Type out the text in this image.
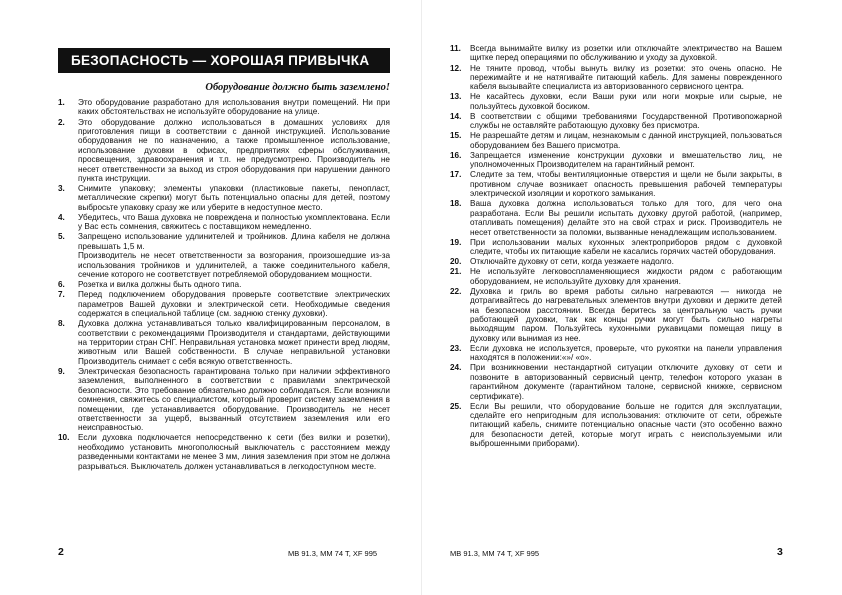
БЕЗОПАСНОСТЬ — ХОРОШАЯ ПРИВЫЧКА
Оборудование должно быть заземлено!
1. Это оборудование разработано для использования внутри помещений. Ни при каких обстоятельствах не используйте оборудование на улице.

2. Это оборудование должно использоваться в домашних условиях для приготовления пищи в соответствии с данной инструкцией. Использование оборудования не по назначению, а также промышленное использование, использование духовки в офисах, предприятиях сферы обслуживания, просвещения, здравоохранения и т.п. не предусмотрено. Производитель не несет ответственности за выход из строя оборудования при нарушении данного пункта инструкции.

3. Снимите упаковку; элементы упаковки (пластиковые пакеты, пенопласт, металлические скрепки) могут быть потенциально опасны для детей, поэтому выбросьте упаковку сразу же или уберите в недоступное место.

4. Убедитесь, что Ваша духовка не повреждена и полностью укомплектована. Если у Вас есть сомнения, свяжитесь с поставщиком немедленно.

5. Запрещено использование удлинителей и тройников. Длина кабеля не должна превышать 1,5 м.

Производитель не несет ответственности за возгорания, произошедшие из-за использования тройников и удлинителей, а также соединительного кабеля, сечение которого не соответствует потребляемой оборудованием мощности.

6. Розетка и вилка должны быть одного типа.

7. Перед подключением оборудования проверьте соответствие электрических параметров Вашей духовки и электрической сети. Необходимые сведения содержатся в специальной таблице (см. заднюю стенку духовки).

8. Духовка должна устанавливаться только квалифицированным персоналом, в соответствии с рекомендациями Производителя и стандартами, действующими на территории стран СНГ. Неправильная установка может принести вред людям, животным или Вашей собственности. В случае неправильной установки Производитель снимает с себя всякую ответственность.

9. Электрическая безопасность гарантирована только при наличии эффективного заземления, выполненного в соответствии с правилами электрической безопасности. Это требование обязательно должно соблюдаться. Если возникли сомнения, свяжитесь со специалистом, который проверит систему заземления в помещении, где устанавливается оборудование. Производитель не несет ответственности за ущерб, вызванный отсутствием заземления или его неисправностью.

10. Если духовка подключается непосредственно к сети (без вилки и розетки), необходимо установить многополюсный выключатель с расстоянием между разведенными контактами не менее 3 мм, линия заземления при этом не должна разрываться. Выключатель должен устанавливаться в легкодоступном месте.

11. Всегда вынимайте вилку из розетки или отключайте электричество на Вашем щитке перед операциями по обслуживанию и уходу за духовкой.

12. Не тяните провод, чтобы вынуть вилку из розетки: это очень опасно. Не пережимайте и не натягивайте питающий кабель. Для замены поврежденного кабеля вызывайте специалиста из авторизованного сервисного центра.

13. Не касайтесь духовки, если Ваши руки или ноги мокрые или сырые, не пользуйтесь духовкой босиком.

14. В соответствии с общими требованиями Государственной Противопожарной службы не оставляйте работающую духовку без присмотра.

15. Не разрешайте детям и лицам, незнакомым с данной инструкцией, пользоваться оборудованием без Вашего присмотра.

16. Запрещается изменение конструкции духовки и вмешательство лиц, не уполномоченных Производителем на гарантийный ремонт.

17. Следите за тем, чтобы вентиляционные отверстия и щели не были закрыты, в противном случае возникает опасность превышения рабочей температуры электрической изоляции и короткого замыкания.

18. Ваша духовка должна использоваться только для того, для чего она разработана. Если Вы решили испытать духовку другой работой, (например, отапливать помещения) делайте это на свой страх и риск. Производитель не несет ответственности за поломки, вызванные ненадлежащим использованием.

19. При использовании малых кухонных электроприборов рядом с духовкой следите, чтобы их питающие кабели не касались горячих частей оборудования.

20. Отключайте духовку от сети, когда уезжаете надолго.

21. Не используйте легковоспламеняющиеся жидкости рядом с работающим оборудованием, не используйте духовку для хранения.

22. Духовка и гриль во время работы сильно нагреваются — никогда не дотрагивайтесь до нагревательных элементов внутри духовки и держите детей на безопасном расстоянии. Всегда беритесь за центральную часть ручки работающей духовки, так как концы ручки могут быть сильно нагреты выходящим паром. Пользуйтесь кухонными рукавицами помещая пищу в духовку или вынимая из нее.

23. Если духовка не используется, проверьте, что рукоятки на панели управления находятся в положении:«»/ «о».

24. При возникновении нестандартной ситуации отключите духовку от сети и позвоните в авторизованный сервисный центр, телефон которого указан в гарантийном документе (гарантийном талоне, сервисной книжке, сервисном сертификате).

25. Если Вы решили, что оборудование больше не годится для эксплуатации, сделайте его непригодным для использования: отключите от сети, обрежьте питающий кабель, снимите потенциально опасные части (это особенно важно для безопасности детей, которые могут играть с неиспользуемыми или выброшенными приборами).

2	MB 91.3, MM 74 T, XF 995	MB 91.3, MM 74 T, XF 995	3
